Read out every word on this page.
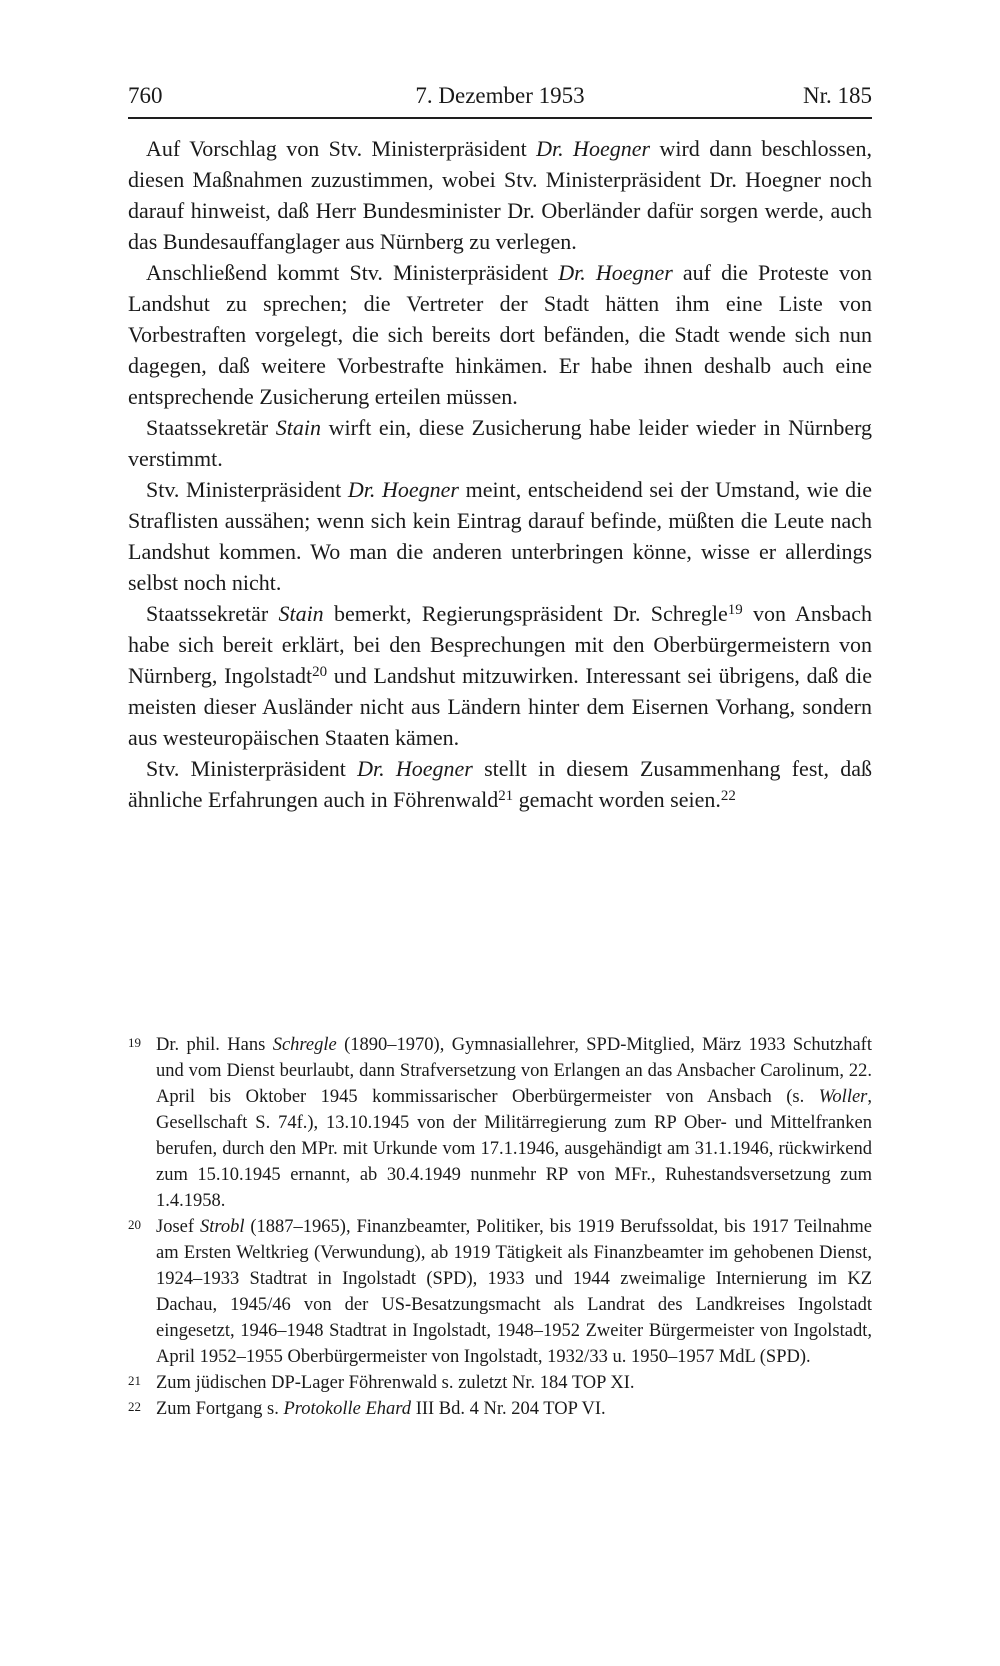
760	7. Dezember 1953	Nr. 185

Auf Vorschlag von Stv. Ministerpräsident Dr. Hoegner wird dann beschlossen, diesen Maßnahmen zuzustimmen, wobei Stv. Ministerpräsident Dr. Hoegner noch darauf hinweist, daß Herr Bundesminister Dr. Oberländer dafür sorgen werde, auch das Bundesauffanglager aus Nürnberg zu verlegen.

Anschließend kommt Stv. Ministerpräsident Dr. Hoegner auf die Proteste von Landshut zu sprechen; die Vertreter der Stadt hätten ihm eine Liste von Vorbestraften vorgelegt, die sich bereits dort befänden, die Stadt wende sich nun dagegen, daß weitere Vorbestrafte hinkämen. Er habe ihnen deshalb auch eine entsprechende Zusicherung erteilen müssen.

Staatssekretär Stain wirft ein, diese Zusicherung habe leider wieder in Nürnberg verstimmt.

Stv. Ministerpräsident Dr. Hoegner meint, entscheidend sei der Umstand, wie die Straflisten aussähen; wenn sich kein Eintrag darauf befinde, müßten die Leute nach Landshut kommen. Wo man die anderen unterbringen könne, wisse er allerdings selbst noch nicht.

Staatssekretär Stain bemerkt, Regierungspräsident Dr. Schregle$^{19}$ von Ansbach habe sich bereit erklärt, bei den Besprechungen mit den Oberbürgermeistern von Nürnberg, Ingolstadt$^{20}$ und Landshut mitzuwirken. Interessant sei übrigens, daß die meisten dieser Ausländer nicht aus Ländern hinter dem Eisernen Vorhang, sondern aus westeuropäischen Staaten kämen.

Stv. Ministerpräsident Dr. Hoegner stellt in diesem Zusammenhang fest, daß ähnliche Erfahrungen auch in Föhrenwald$^{21}$ gemacht worden seien.$^{22}$

19 Dr. phil. Hans Schregle (1890–1970), Gymnasiallehrer, SPD-Mitglied, März 1933 Schutzhaft und vom Dienst beurlaubt, dann Strafversetzung von Erlangen an das Ansbacher Carolinum, 22. April bis Oktober 1945 kommissarischer Oberbürgermeister von Ansbach (s. Woller, Gesellschaft S. 74f.), 13.10.1945 von der Militärregierung zum RP Ober- und Mittelfranken berufen, durch den MPr. mit Urkunde vom 17.1.1946, ausgehändigt am 31.1.1946, rückwirkend zum 15.10.1945 ernannt, ab 30.4.1949 nunmehr RP von MFr., Ruhestandsversetzung zum 1.4.1958.
20 Josef Strobl (1887–1965), Finanzbeamter, Politiker, bis 1919 Berufssoldat, bis 1917 Teilnahme am Ersten Weltkrieg (Verwundung), ab 1919 Tätigkeit als Finanzbeamter im gehobenen Dienst, 1924–1933 Stadtrat in Ingolstadt (SPD), 1933 und 1944 zweimalige Internierung im KZ Dachau, 1945/46 von der US-Besatzungsmacht als Landrat des Landkreises Ingolstadt eingesetzt, 1946–1948 Stadtrat in Ingolstadt, 1948–1952 Zweiter Bürgermeister von Ingolstadt, April 1952–1955 Oberbürgermeister von Ingolstadt, 1932/33 u. 1950–1957 MdL (SPD).
21 Zum jüdischen DP-Lager Föhrenwald s. zuletzt Nr. 184 TOP XI.
22 Zum Fortgang s. Protokolle Ehard III Bd. 4 Nr. 204 TOP VI.
